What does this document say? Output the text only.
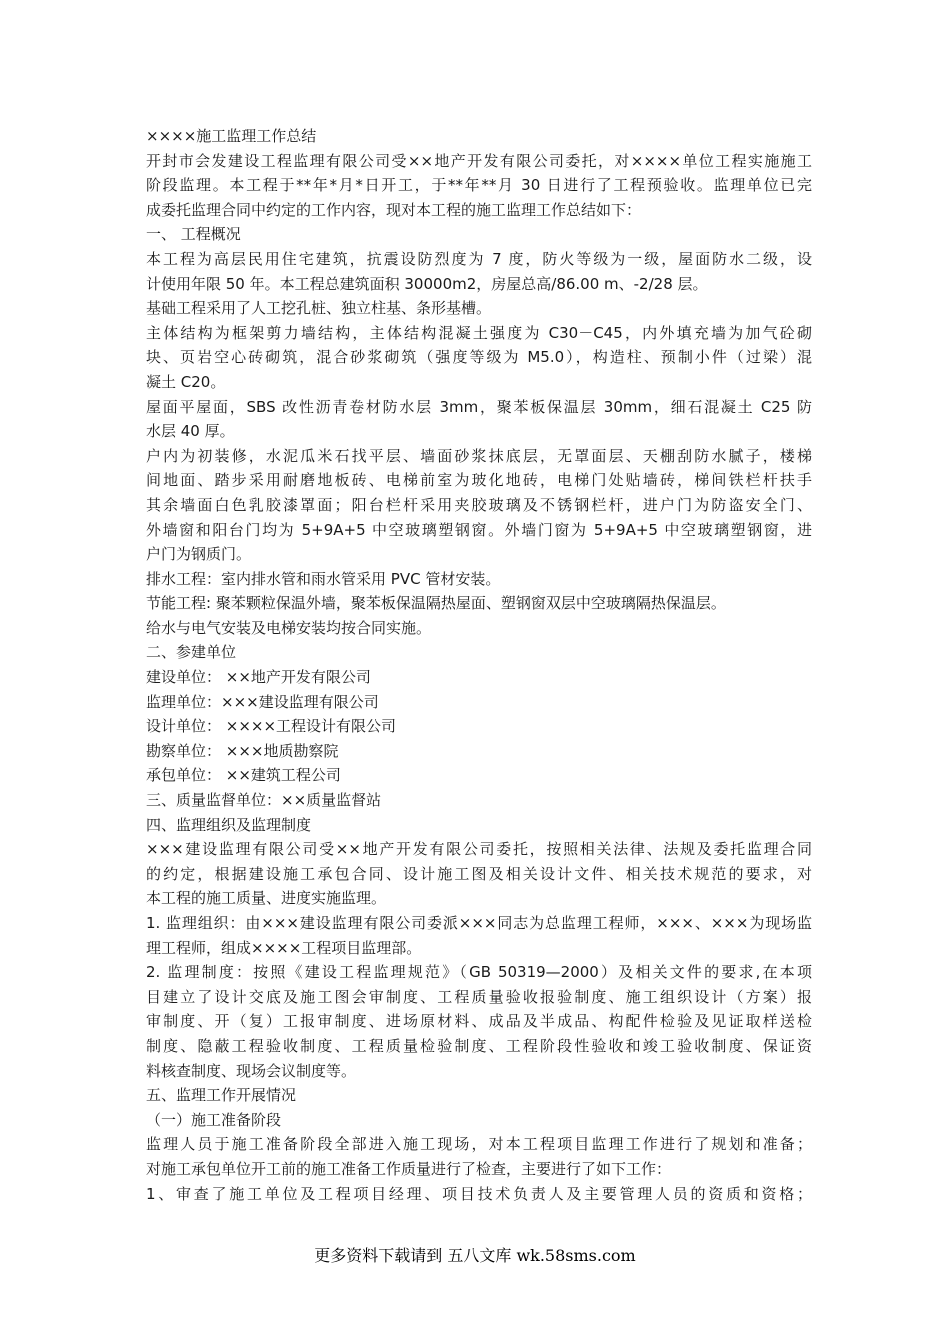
××××施工监理工作总结
开封市会发建设工程监理有限公司受××地产开发有限公司委托，对××××单位工程实施施工
阶段监理。本工程于**年*月*日开工，于**年**月 30 日进行了工程预验收。监理单位已完
成委托监理合同中约定的工作内容，现对本工程的施工监理工作总结如下：
一、 工程概况
本工程为高层民用住宅建筑，抗震设防烈度为 7 度，防火等级为一级，屋面防水二级，设
计使用年限 50 年。本工程总建筑面积 30000m2，房屋总高/86.00 m、-2/28 层。
基础工程采用了人工挖孔桩、独立柱基、条形基槽。
主体结构为框架剪力墙结构，主体结构混凝土强度为 C30－C45，内外填充墙为加气砼砌
块、页岩空心砖砌筑，混合砂浆砌筑（强度等级为 M5.0），构造柱、预制小件（过梁）混
凝土 C20。
屋面平屋面，SBS 改性沥青卷材防水层 3mm，聚苯板保温层 30mm，细石混凝土 C25 防
水层 40 厚。
户内为初装修，水泥瓜米石找平层、墙面砂浆抹底层，无罩面层、天棚刮防水腻子，楼梯
间地面、踏步采用耐磨地板砖、电梯前室为玻化地砖，电梯门处贴墙砖，梯间铁栏杆扶手
其余墙面白色乳胶漆罩面；阳台栏杆采用夹胶玻璃及不锈钢栏杆，进户门为防盗安全门、
外墙窗和阳台门均为 5+9A+5 中空玻璃塑钢窗。外墙门窗为 5+9A+5 中空玻璃塑钢窗，进
户门为钢质门。
排水工程：室内排水管和雨水管采用 PVC 管材安装。
节能工程: 聚苯颗粒保温外墙，聚苯板保温隔热屋面、塑钢窗双层中空玻璃隔热保温层。
给水与电气安装及电梯安装均按合同实施。
二、参建单位
建设单位： ××地产开发有限公司
监理单位：×××建设监理有限公司
设计单位： ××××工程设计有限公司
勘察单位： ×××地质勘察院
承包单位： ××建筑工程公司
三、质量监督单位：××质量监督站
四、监理组织及监理制度
×××建设监理有限公司受××地产开发有限公司委托，按照相关法律、法规及委托监理合同
的约定，根据建设施工承包合同、设计施工图及相关设计文件、相关技术规范的要求，对
本工程的施工质量、进度实施监理。
1. 监理组织：由×××建设监理有限公司委派×××同志为总监理工程师，×××、×××为现场监
理工程师，组成××××工程项目监理部。
2. 监理制度：按照《建设工程监理规范》（GB 50319—2000）及相关文件的要求,在本项
目建立了设计交底及施工图会审制度、工程质量验收报验制度、施工组织设计（方案）报
审制度、开（复）工报审制度、进场原材料、成品及半成品、构配件检验及见证取样送检
制度、隐蔽工程验收制度、工程质量检验制度、工程阶段性验收和竣工验收制度、保证资
料核查制度、现场会议制度等。
五、监理工作开展情况
（一）施工准备阶段
监理人员于施工准备阶段全部进入施工现场，对本工程项目监理工作进行了规划和准备；
对施工承包单位开工前的施工准备工作质量进行了检查，主要进行了如下工作：
1、审查了施工单位及工程项目经理、项目技术负责人及主要管理人员的资质和资格；
更多资料下载请到 五八文库 wk.58sms.com
